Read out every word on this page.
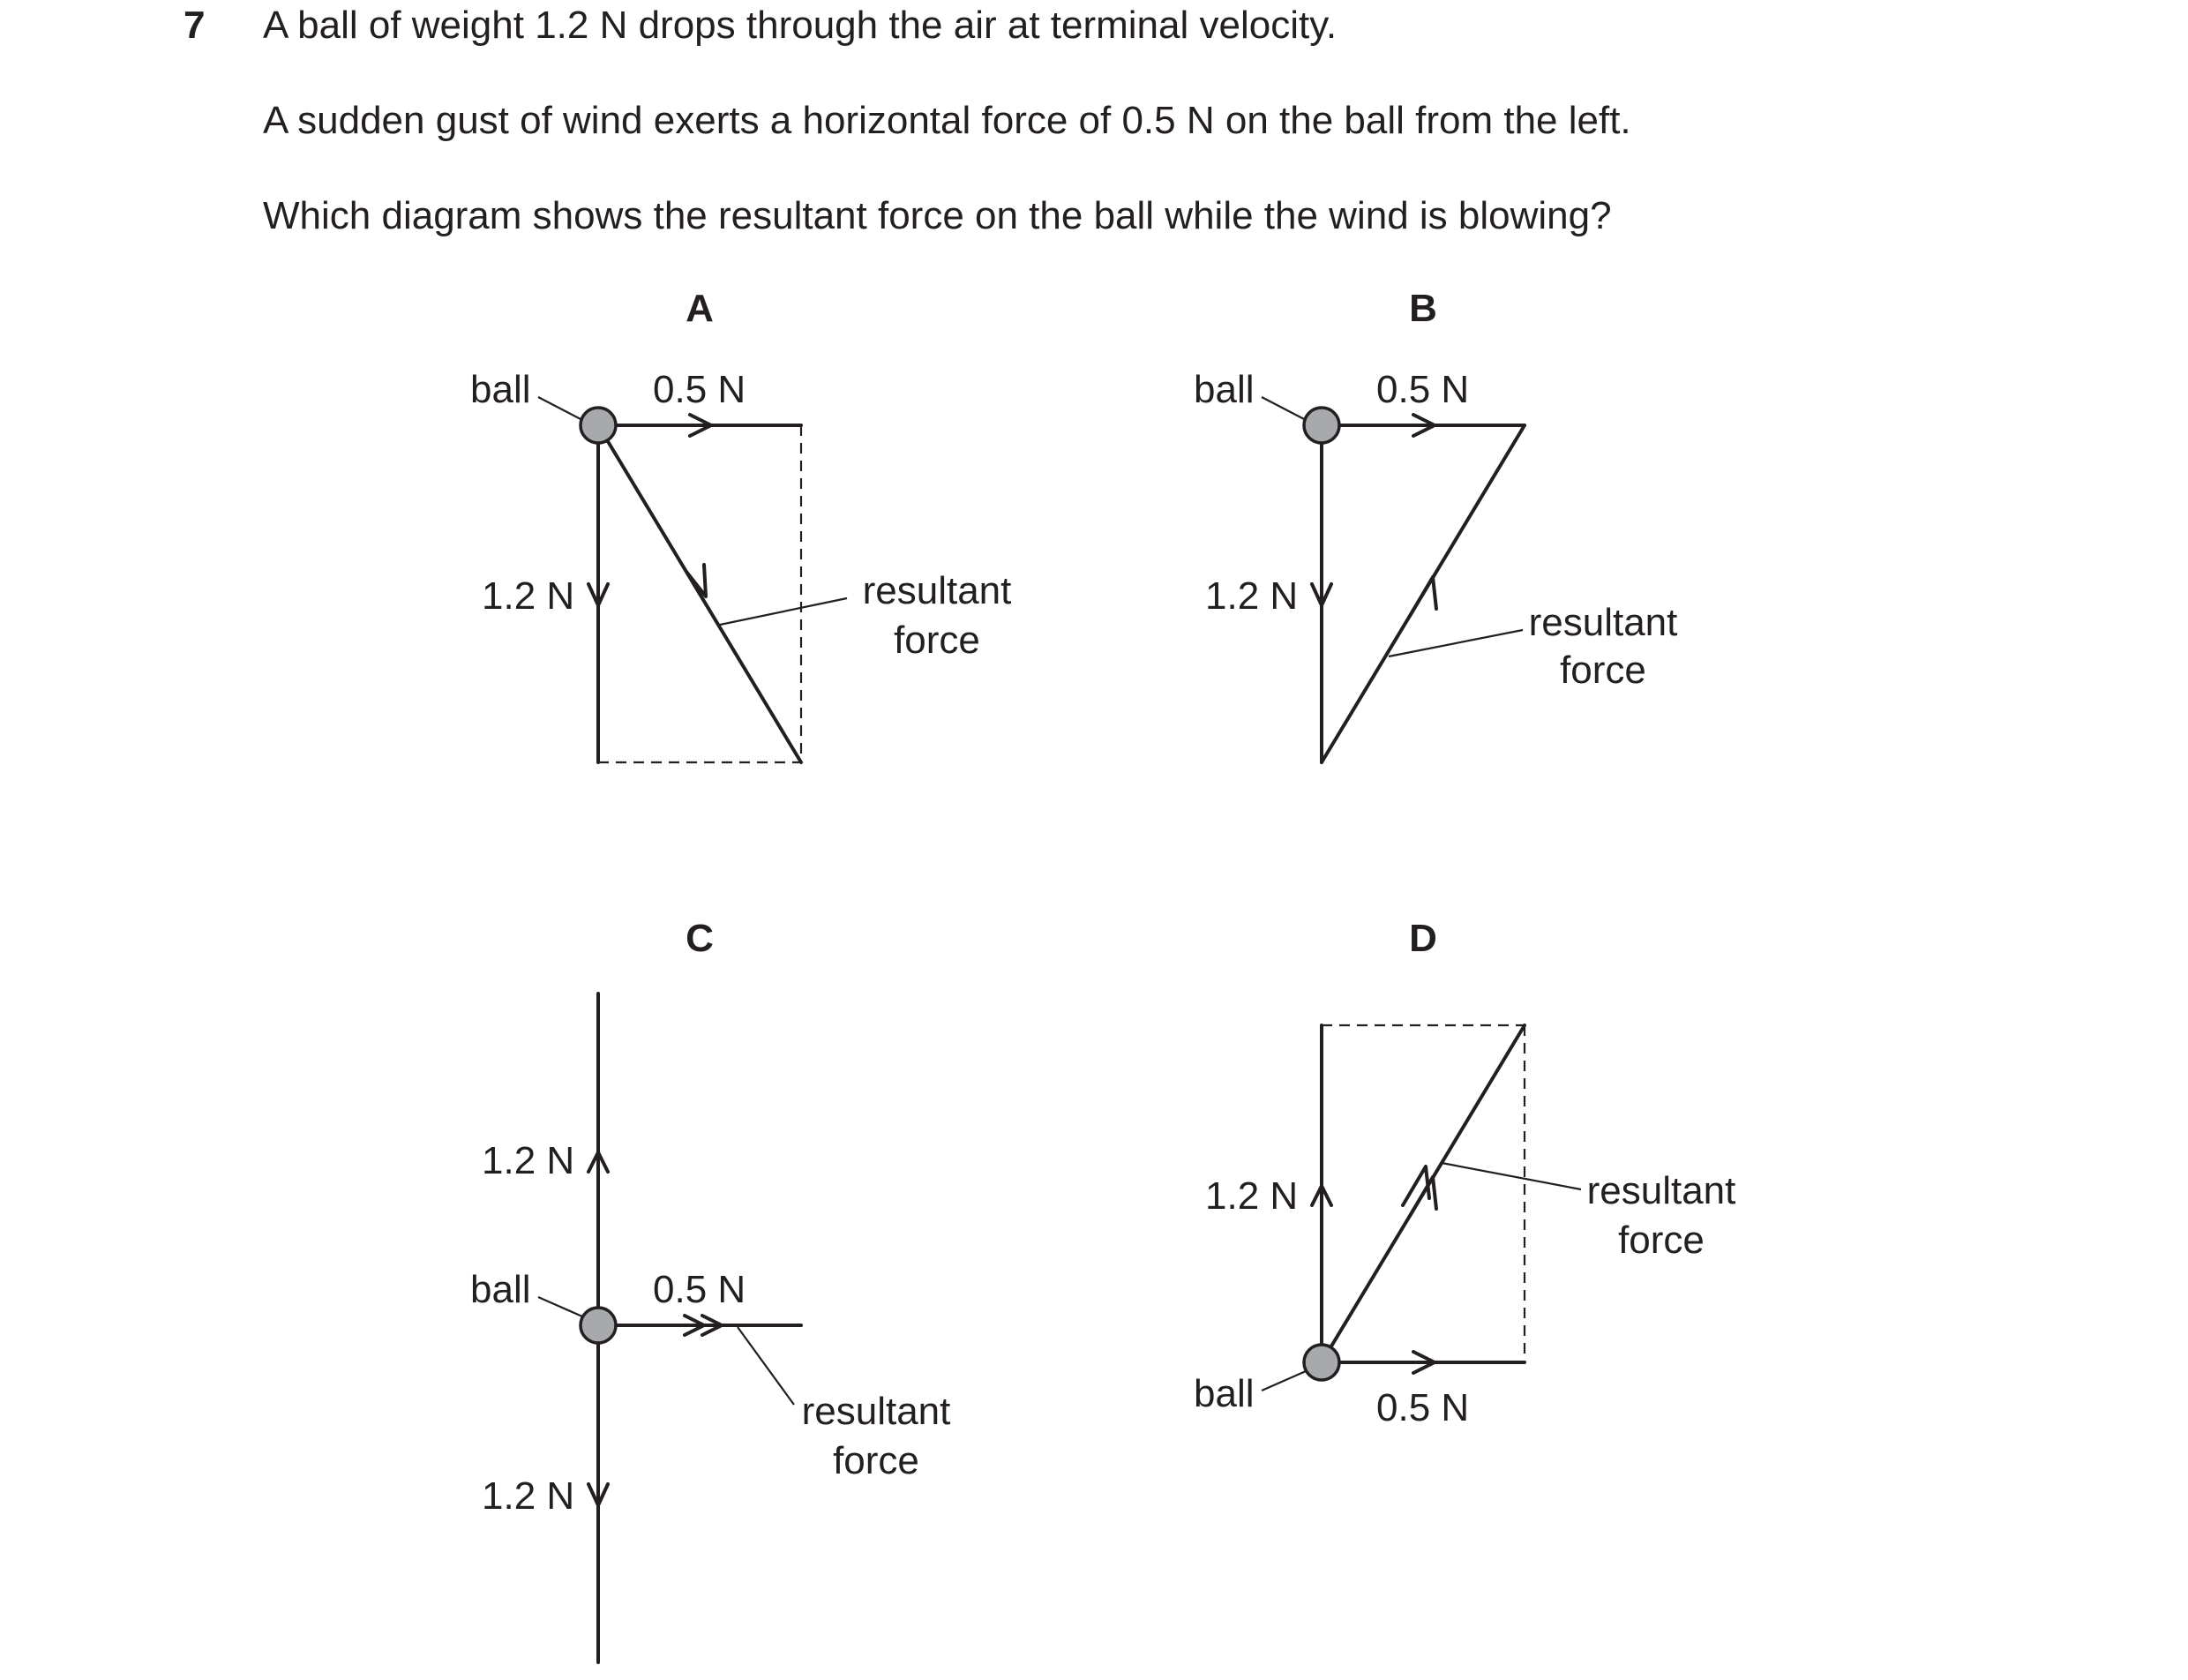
7 A ball of weight 1.2 N drops through the air at terminal velocity.
A sudden gust of wind exerts a horizontal force of 0.5 N on the ball from the left.
Which diagram shows the resultant force on the ball while the wind is blowing?
A
ball	0.5 N
1.2 N	resultant
force
B
ball	0.5 N
1.2 N
resultant
force
C
1.2 N
ball	0.5 N
resultant
force
1.2 N
D
1.2 N	resultant
force
ball	0.5 N
